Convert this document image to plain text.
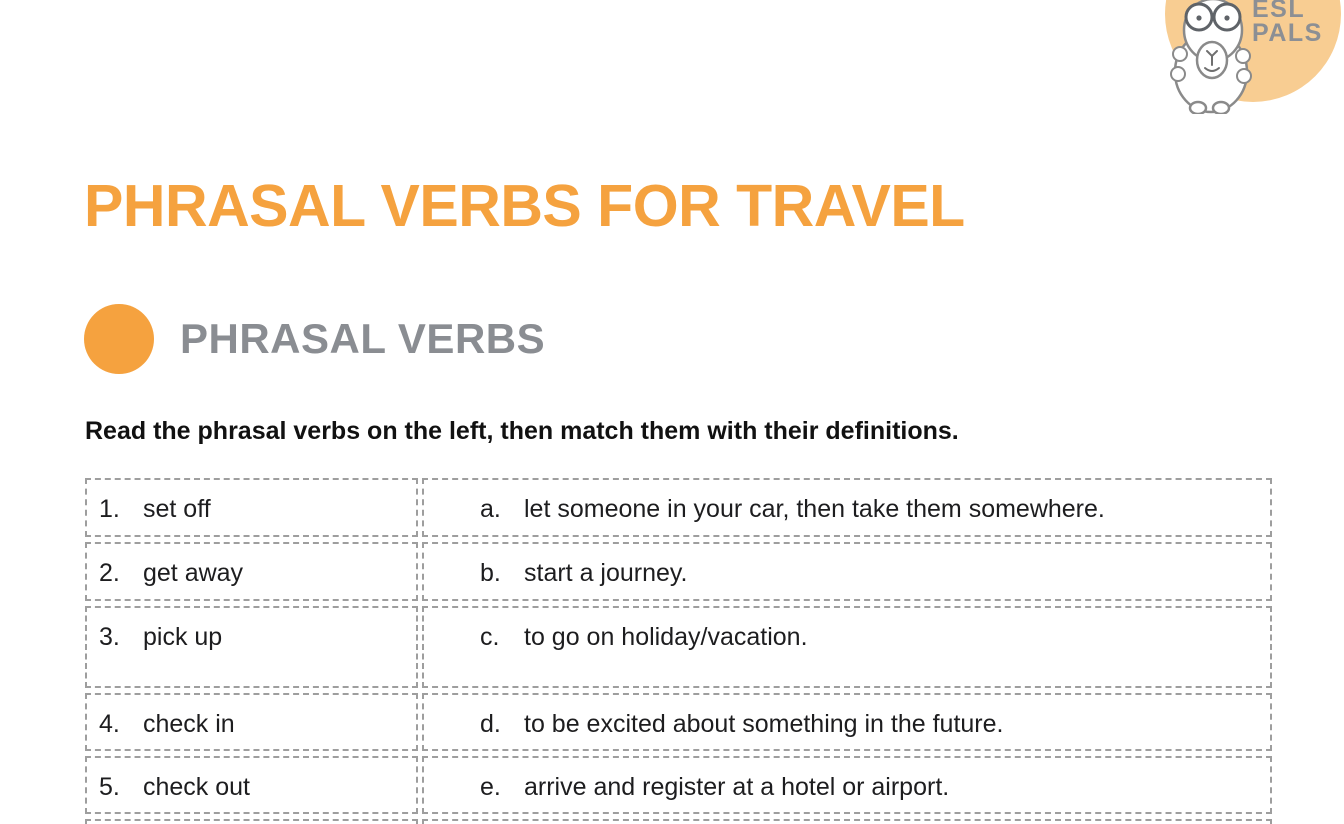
ESL
PALS
PHRASAL VERBS FOR TRAVEL
PHRASAL VERBS

Read the phrasal verbs on the left, then match them with their definitions.

1. set off	a. let someone in your car, then take them somewhere.
2. get away	b. start a journey.
3. pick up	c. to go on holiday/vacation.
4. check in	d. to be excited about something in the future.
5. check out	e. arrive and register at a hotel or airport.
